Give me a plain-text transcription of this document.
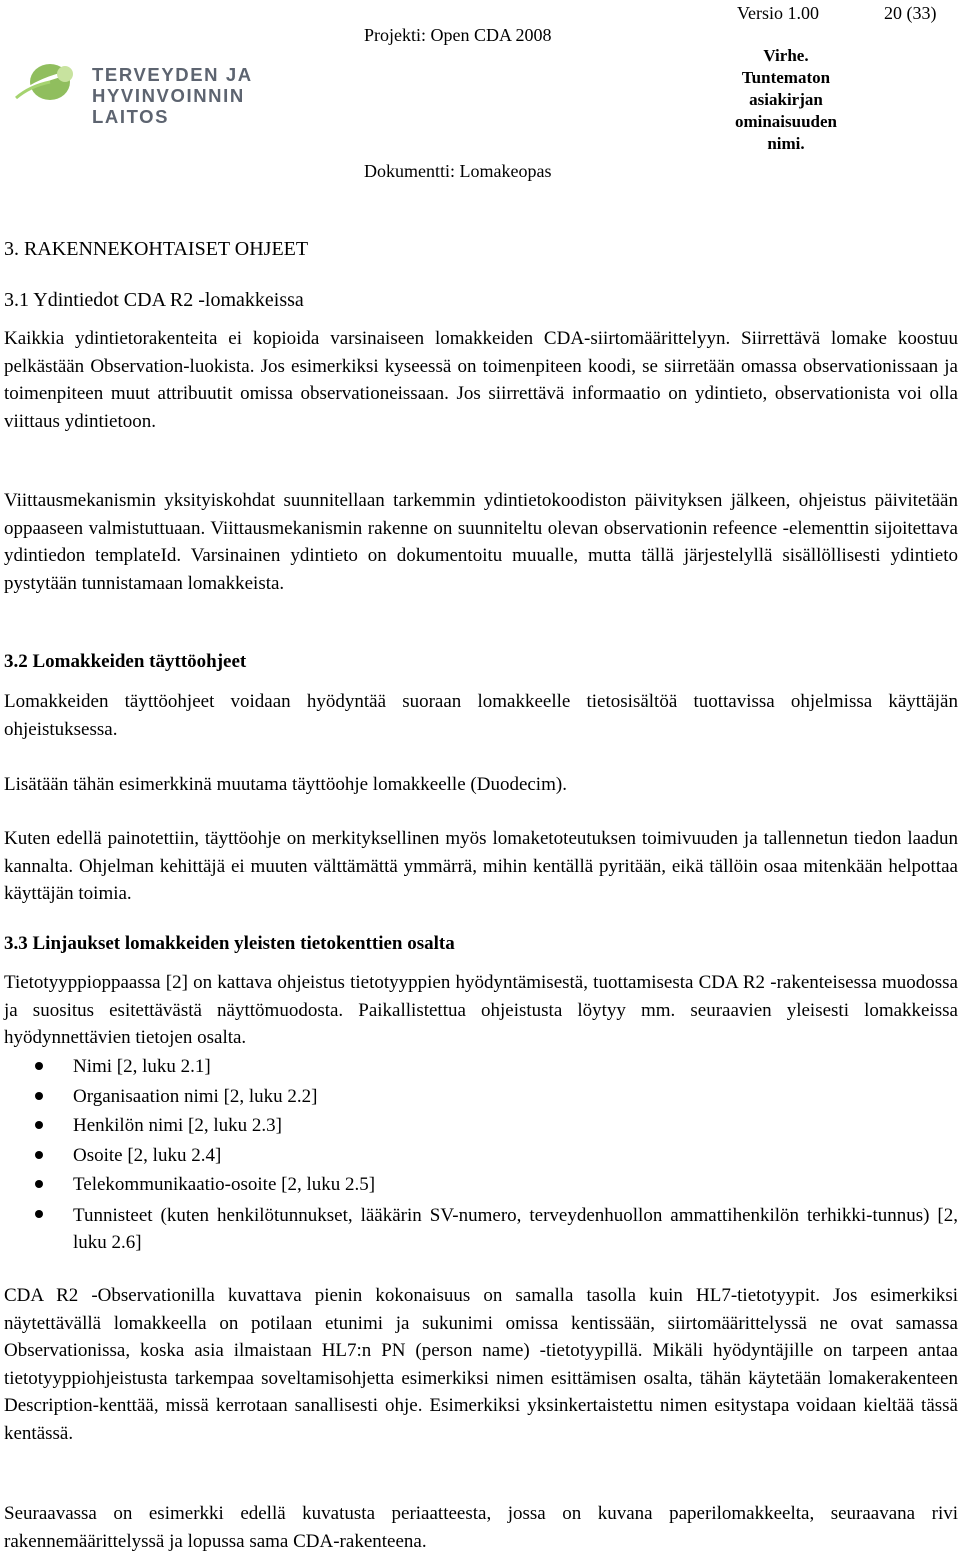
TERVEYDEN JA
HYVINVOINNIN LAITOS
Versio 1.00	20 (33)
Projekti: Open CDA 2008
Dokumentti: Lomakeopas
Virhe.
Tuntematon
asiakirjan
ominaisuuden
nimi.
3. RAKENNEKOHTAISET OHJEET
3.1 Ydintiedot CDA R2 -lomakkeissa

Kaikkia ydintietorakenteita ei kopioida varsinaiseen lomakkeiden CDA-siirtomäärittelyyn. Siirrettävä lomake koostuu pelkästään Observation-luokista. Jos esimerkiksi kyseessä on toimenpiteen koodi, se siirretään omassa observationissaan ja toimenpiteen muut attribuutit omissa observationeissaan. Jos siirrettävä informaatio on ydintieto, observationista voi olla viittaus ydintietoon.

Viittausmekanismin yksityiskohdat suunnitellaan tarkemmin ydintietokoodiston päivityksen jälkeen, ohjeistus päivitetään oppaaseen valmistuttuaan. Viittausmekanismin rakenne on suunniteltu olevan observationin refeence -elementtin sijoitettava ydintiedon templateId. Varsinainen ydintieto on dokumentoitu muualle, mutta tällä järjestelyllä sisällöllisesti ydintieto pystytään tunnistamaan lomakkeista.

3.2 Lomakkeiden täyttöohjeet

Lomakkeiden täyttöohjeet voidaan hyödyntää suoraan lomakkeelle tietosisältöä tuottavissa ohjelmissa käyttäjän ohjeistuksessa.

Lisätään tähän esimerkkinä muutama täyttöohje lomakkeelle (Duodecim).

Kuten edellä painotettiin, täyttöohje on merkityksellinen myös lomaketoteutuksen toimivuuden ja tallennetun tiedon laadun kannalta. Ohjelman kehittäjä ei muuten välttämättä ymmärrä, mihin kentällä pyritään, eikä tällöin osaa mitenkään helpottaa käyttäjän toimia.

3.3 Linjaukset lomakkeiden yleisten tietokenttien osalta

Tietotyyppioppaassa [2] on kattava ohjeistus tietotyyppien hyödyntämisestä, tuottamisesta CDA R2 -rakenteisessa muodossa ja suositus esitettävästä näyttömuodosta. Paikallistettua ohjeistusta löytyy mm. seuraavien yleisesti lomakkeissa hyödynnettävien tietojen osalta.

Nimi [2, luku 2.1]
Organisaation nimi [2, luku 2.2]
Henkilön nimi [2, luku 2.3]
Osoite [2, luku 2.4]
Telekommunikaatio-osoite [2, luku 2.5]
Tunnisteet (kuten henkilötunnukset, lääkärin SV-numero, terveydenhuollon ammattihenkilön terhikki-tunnus) [2, luku 2.6]

CDA R2 -Observationilla kuvattava pienin kokonaisuus on samalla tasolla kuin HL7-tietotyypit. Jos esimerkiksi näytettävällä lomakkeella on potilaan etunimi ja sukunimi omissa kentissään, siirtomäärittelyssä ne ovat samassa Observationissa, koska asia ilmaistaan HL7:n PN (person name) -tietotyypillä. Mikäli hyödyntäjille on tarpeen antaa tietotyyppiohjeistusta tarkempaa soveltamisohjetta esimerkiksi nimen esittämisen osalta, tähän käytetään lomakerakenteen Description-kenttää, missä kerrotaan sanallisesti ohje. Esimerkiksi yksinkertaistettu nimen esitystapa voidaan kieltää tässä kentässä.

Seuraavassa on esimerkki edellä kuvatusta periaatteesta, jossa on kuvana paperilomakkeelta, seuraavana rivi rakennemäärittelyssä ja lopussa sama CDA-rakenteena.
